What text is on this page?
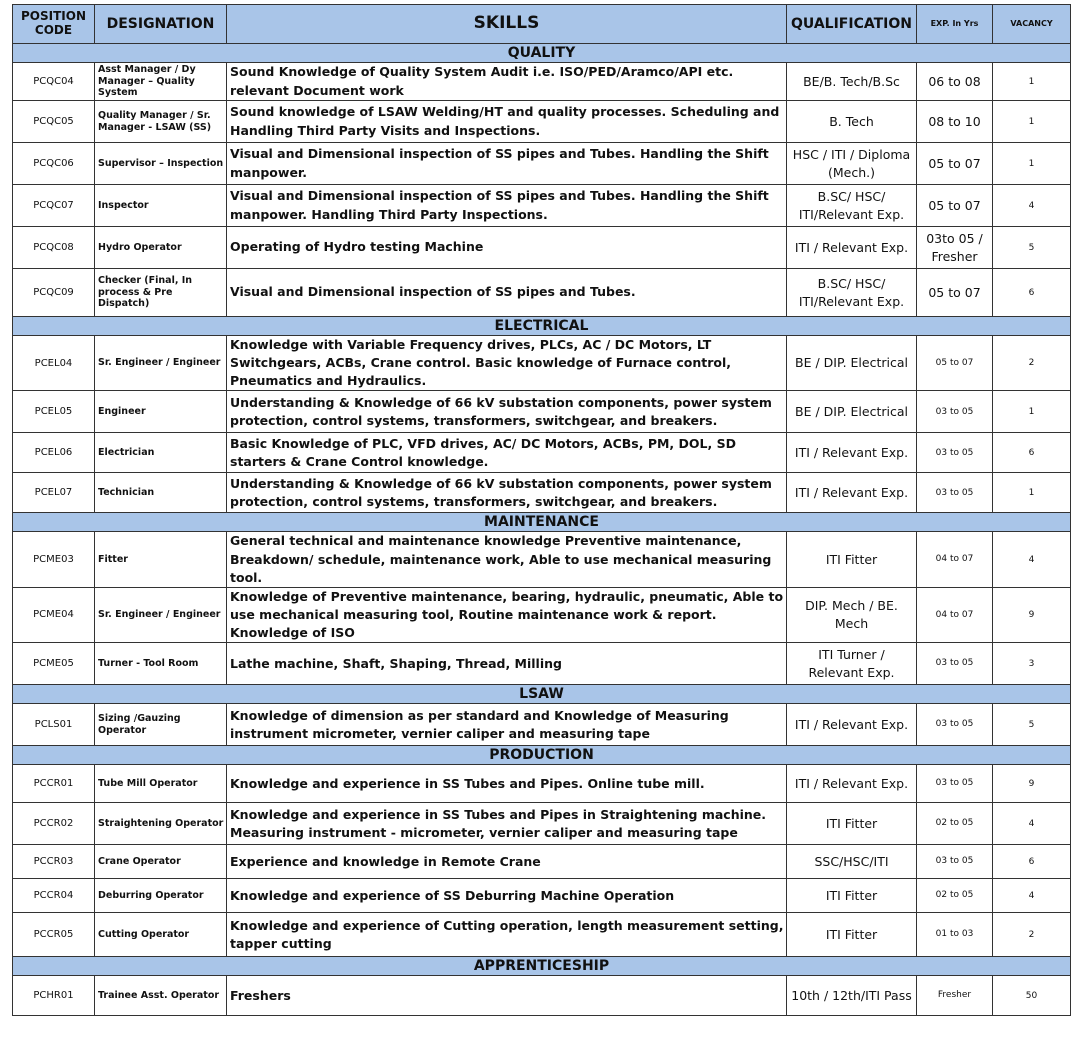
POSITION CODE	DESIGNATION	SKILLS	QUALIFICATION	EXP. In Yrs	VACANCY
QUALITY					
PCQC04	Asst Manager / Dy Manager – Quality System	Sound Knowledge of Quality System Audit i.e. ISO/PED/Aramco/API etc. relevant Document work	BE/B. Tech/B.Sc	06 to 08	1
PCQC05	Quality Manager / Sr. Manager - LSAW (SS)	Sound knowledge of LSAW Welding/HT and quality processes. Scheduling and Handling Third Party Visits and Inspections.	B. Tech	08 to 10	1
PCQC06	Supervisor – Inspection	Visual and Dimensional inspection of SS pipes and Tubes. Handling the Shift manpower.	HSC / ITI / Diploma (Mech.)	05 to 07	1
PCQC07	Inspector	Visual and Dimensional inspection of SS pipes and Tubes. Handling the Shift manpower. Handling Third Party Inspections.	B.SC/ HSC/ ITI/Relevant Exp.	05 to 07	4
PCQC08	Hydro Operator	Operating of Hydro testing Machine	ITI / Relevant Exp.	03to 05 / Fresher	5
PCQC09	Checker (Final, In process & Pre Dispatch)	Visual and Dimensional inspection of SS pipes and Tubes.	B.SC/ HSC/ ITI/Relevant Exp.	05 to 07	6
ELECTRICAL					
PCEL04	Sr. Engineer / Engineer	Knowledge with Variable Frequency drives, PLCs, AC / DC Motors, LT Switchgears, ACBs, Crane control. Basic knowledge of Furnace control, Pneumatics and Hydraulics.	BE / DIP. Electrical	05 to 07	2
PCEL05	Engineer	Understanding & Knowledge of 66 kV substation components, power system protection, control systems, transformers, switchgear, and breakers.	BE / DIP. Electrical	03 to 05	1
PCEL06	Electrician	Basic Knowledge of PLC, VFD drives, AC/ DC Motors, ACBs, PM, DOL, SD starters & Crane Control knowledge.	ITI / Relevant Exp.	03 to 05	6
PCEL07	Technician	Understanding & Knowledge of 66 kV substation components, power system protection, control systems, transformers, switchgear, and breakers.	ITI / Relevant Exp.	03 to 05	1
MAINTENANCE					
PCME03	Fitter	General technical and maintenance knowledge Preventive maintenance, Breakdown/ schedule, maintenance work, Able to use mechanical measuring tool.	ITI Fitter	04 to 07	4
PCME04	Sr. Engineer / Engineer	Knowledge of Preventive maintenance, bearing, hydraulic, pneumatic, Able to use mechanical measuring tool, Routine maintenance work & report. Knowledge of ISO	DIP. Mech / BE. Mech	04 to 07	9
PCME05	Turner - Tool Room	Lathe machine, Shaft, Shaping, Thread, Milling	ITI Turner / Relevant Exp.	03 to 05	3
LSAW					
PCLS01	Sizing /Gauzing Operator	Knowledge of dimension as per standard and Knowledge of Measuring instrument micrometer, vernier caliper and measuring tape	ITI / Relevant Exp.	03 to 05	5
PRODUCTION					
PCCR01	Tube Mill Operator	Knowledge and experience in SS Tubes and Pipes. Online tube mill.	ITI / Relevant Exp.	03 to 05	9
PCCR02	Straightening Operator	Knowledge and experience in SS Tubes and Pipes in Straightening machine. Measuring instrument - micrometer, vernier caliper and measuring tape	ITI Fitter	02 to 05	4
PCCR03	Crane Operator	Experience and knowledge in Remote Crane	SSC/HSC/ITI	03 to 05	6
PCCR04	Deburring Operator	Knowledge and experience of SS Deburring Machine Operation	ITI Fitter	02 to 05	4
PCCR05	Cutting Operator	Knowledge and experience of Cutting operation, length measurement setting, tapper cutting	ITI Fitter	01 to 03	2
APPRENTICESHIP					
PCHR01	Trainee Asst. Operator	Freshers	10th / 12th/ITI Pass	Fresher	50
